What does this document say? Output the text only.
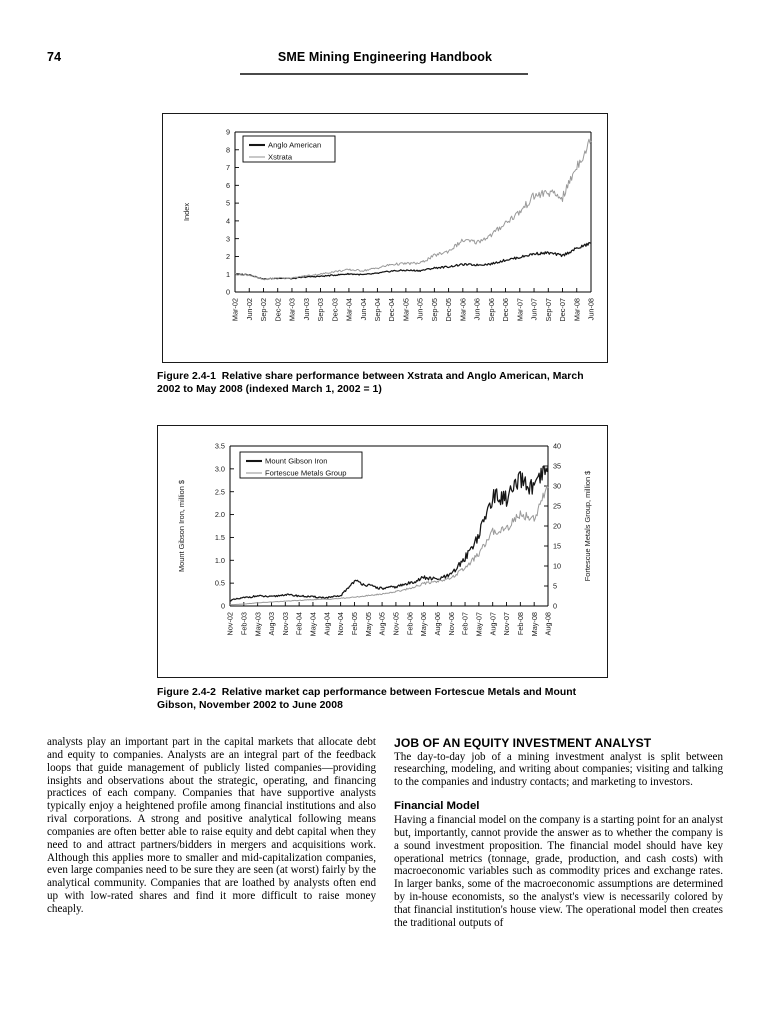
74	SME Mining Engineering Handbook
0
1
2
3
4
5
6
7
8
9
Index
Mar-02 Jun-02 Sep-02 Dec-02 Mar-03 Jun-03 Sep-03 Dec-03 Mar-04 Jun-04 Sep-04 Dec-04 Mar-05 Jun-05 Sep-05 Dec-05 Mar-06 Jun-06 Sep-06 Dec-06 Mar-07 Jun-07 Sep-07 Dec-07 Mar-08 Jun-08
Anglo American
Xstrata
Figure 2.4-1 Relative share performance between Xstrata and Anglo American, March 2002 to May 2008 (indexed March 1, 2002 = 1)
0
0.5
1.0
1.5
2.0
2.5
3.0
3.5
Mount Gibson Iron, million $
0
5
10
15
20
25
30
35
40
Fortescue Metals Group, million $
Nov-02 Feb-03 May-03 Aug-03 Nov-03 Feb-04 May-04 Aug-04 Nov-04 Feb-05 May-05 Aug-05 Nov-05 Feb-06 May-06 Aug-06 Nov-06 Feb-07 May-07 Aug-07 Nov-07 Feb-08 May-08 Aug-08
Mount Gibson Iron
Fortescue Metals Group
Figure 2.4-2 Relative market cap performance between Fortescue Metals and Mount Gibson, November 2002 to June 2008

analysts play an important part in the capital markets that allocate debt and equity to companies. Analysts are an integral part of the feedback loops that guide management of publicly listed companies—providing insights and observations about the strategic, operating, and financing practices of each company. Companies that have supportive analysts typically enjoy a heightened profile among financial institutions and also rival corporations. A strong and positive analytical following means companies are often better able to raise equity and debt capital when they need to and attract partners/bidders in mergers and acquisitions work. Although this applies more to smaller and mid-capitalization companies, even large companies need to be sure they are seen (at worst) fairly by the analytical community. Companies that are loathed by analysts often end up with low-rated shares and find it more difficult to raise money cheaply.

JOB OF AN EQUITY INVESTMENT ANALYST

The day-to-day job of a mining investment analyst is split between researching, modeling, and writing about companies; visiting and talking to the companies and industry contacts; and marketing to investors.

Financial Model

Having a financial model on the company is a starting point for an analyst but, importantly, cannot provide the answer as to whether the company is a sound investment proposition. The financial model should have key operational metrics (tonnage, grade, production, and cash costs) with macroeconomic variables such as commodity prices and exchange rates. In larger banks, some of the macroeconomic assumptions are determined by in-house economists, so the analyst's view is necessarily colored by that financial institution's house view. The operational model then creates the traditional outputs of
